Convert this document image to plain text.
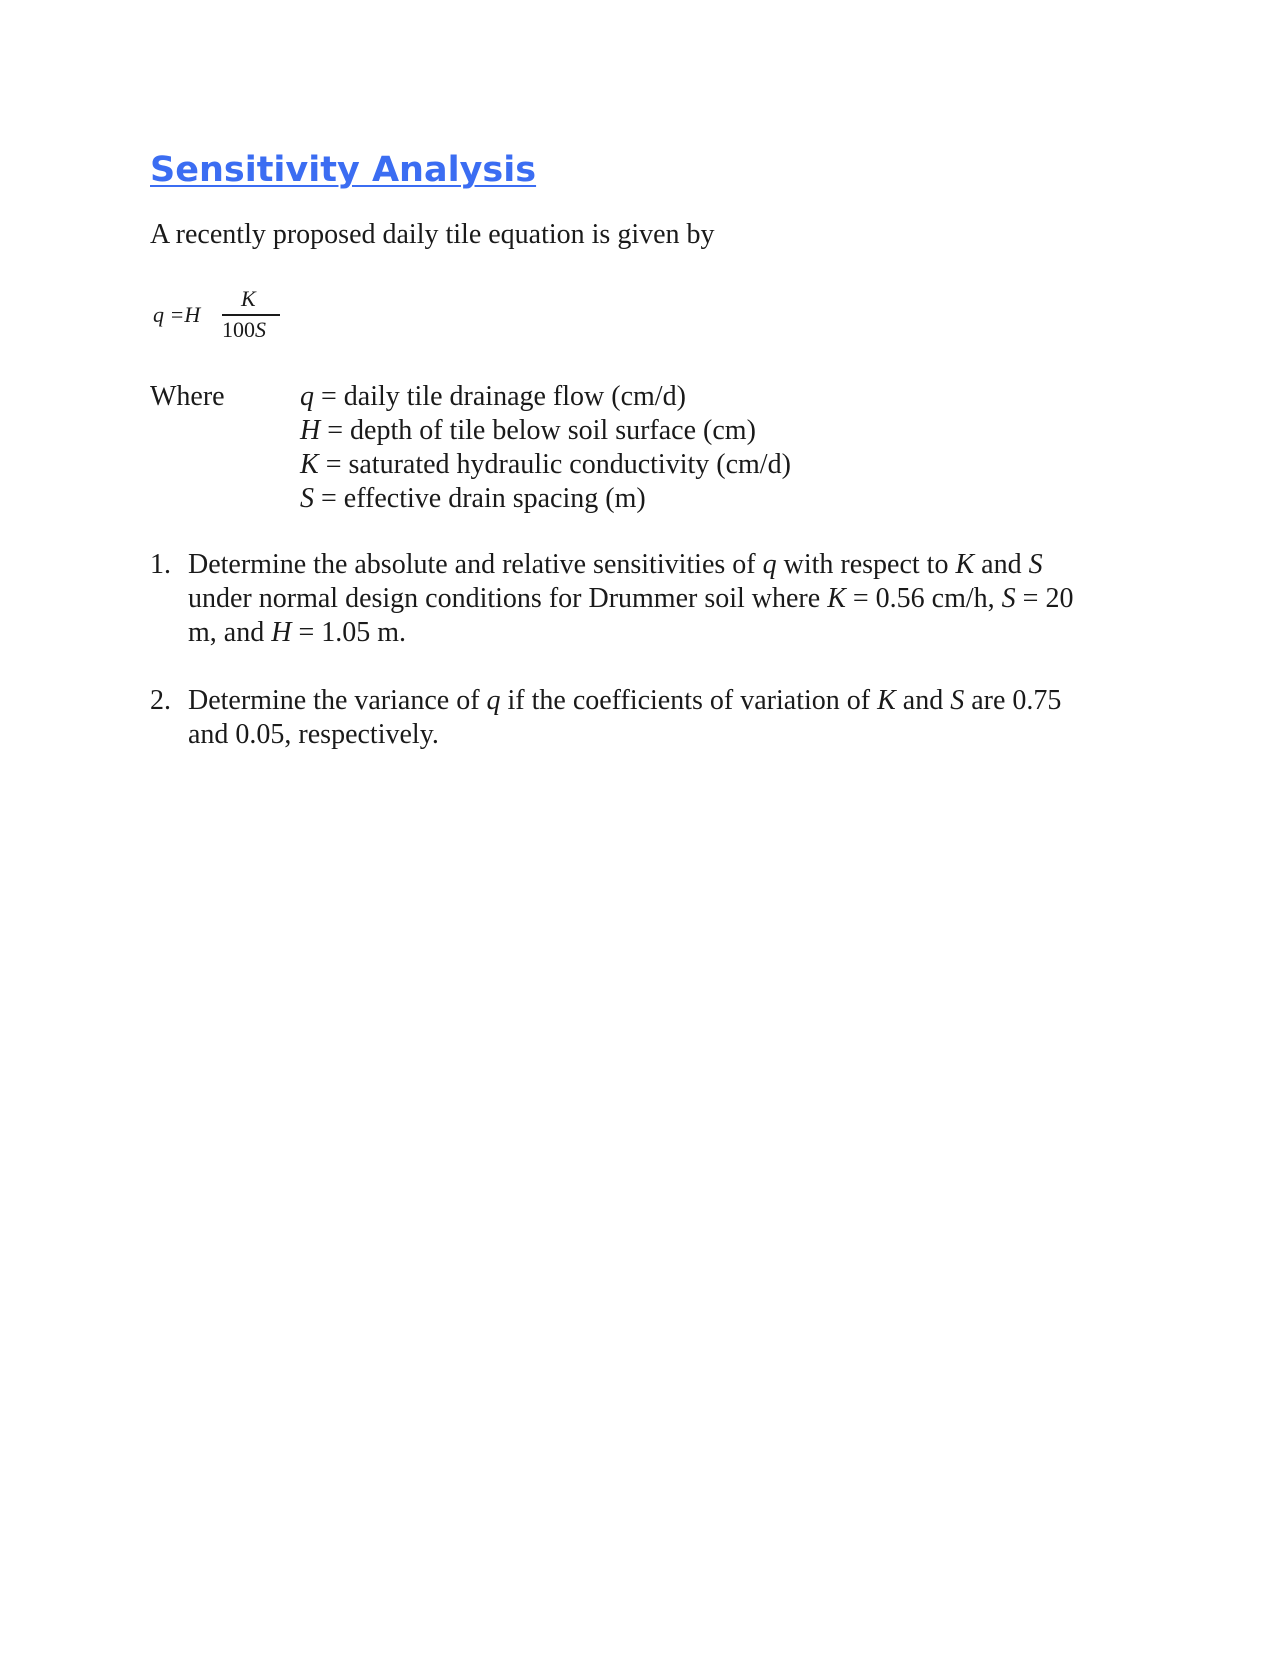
Sensitivity Analysis

A recently proposed daily tile equation is given by

q =H
K
100S
Where	q = daily tile drainage flow (cm/d)
H = depth of tile below soil surface (cm)
K = saturated hydraulic conductivity (cm/d)
S = effective drain spacing (m)
1. Determine the absolute and relative sensitivities of q with respect to K and S
under normal design conditions for Drummer soil where K = 0.56 cm/h, S = 20
m, and H = 1.05 m.
2. Determine the variance of q if the coefficients of variation of K and S are 0.75
and 0.05, respectively.
